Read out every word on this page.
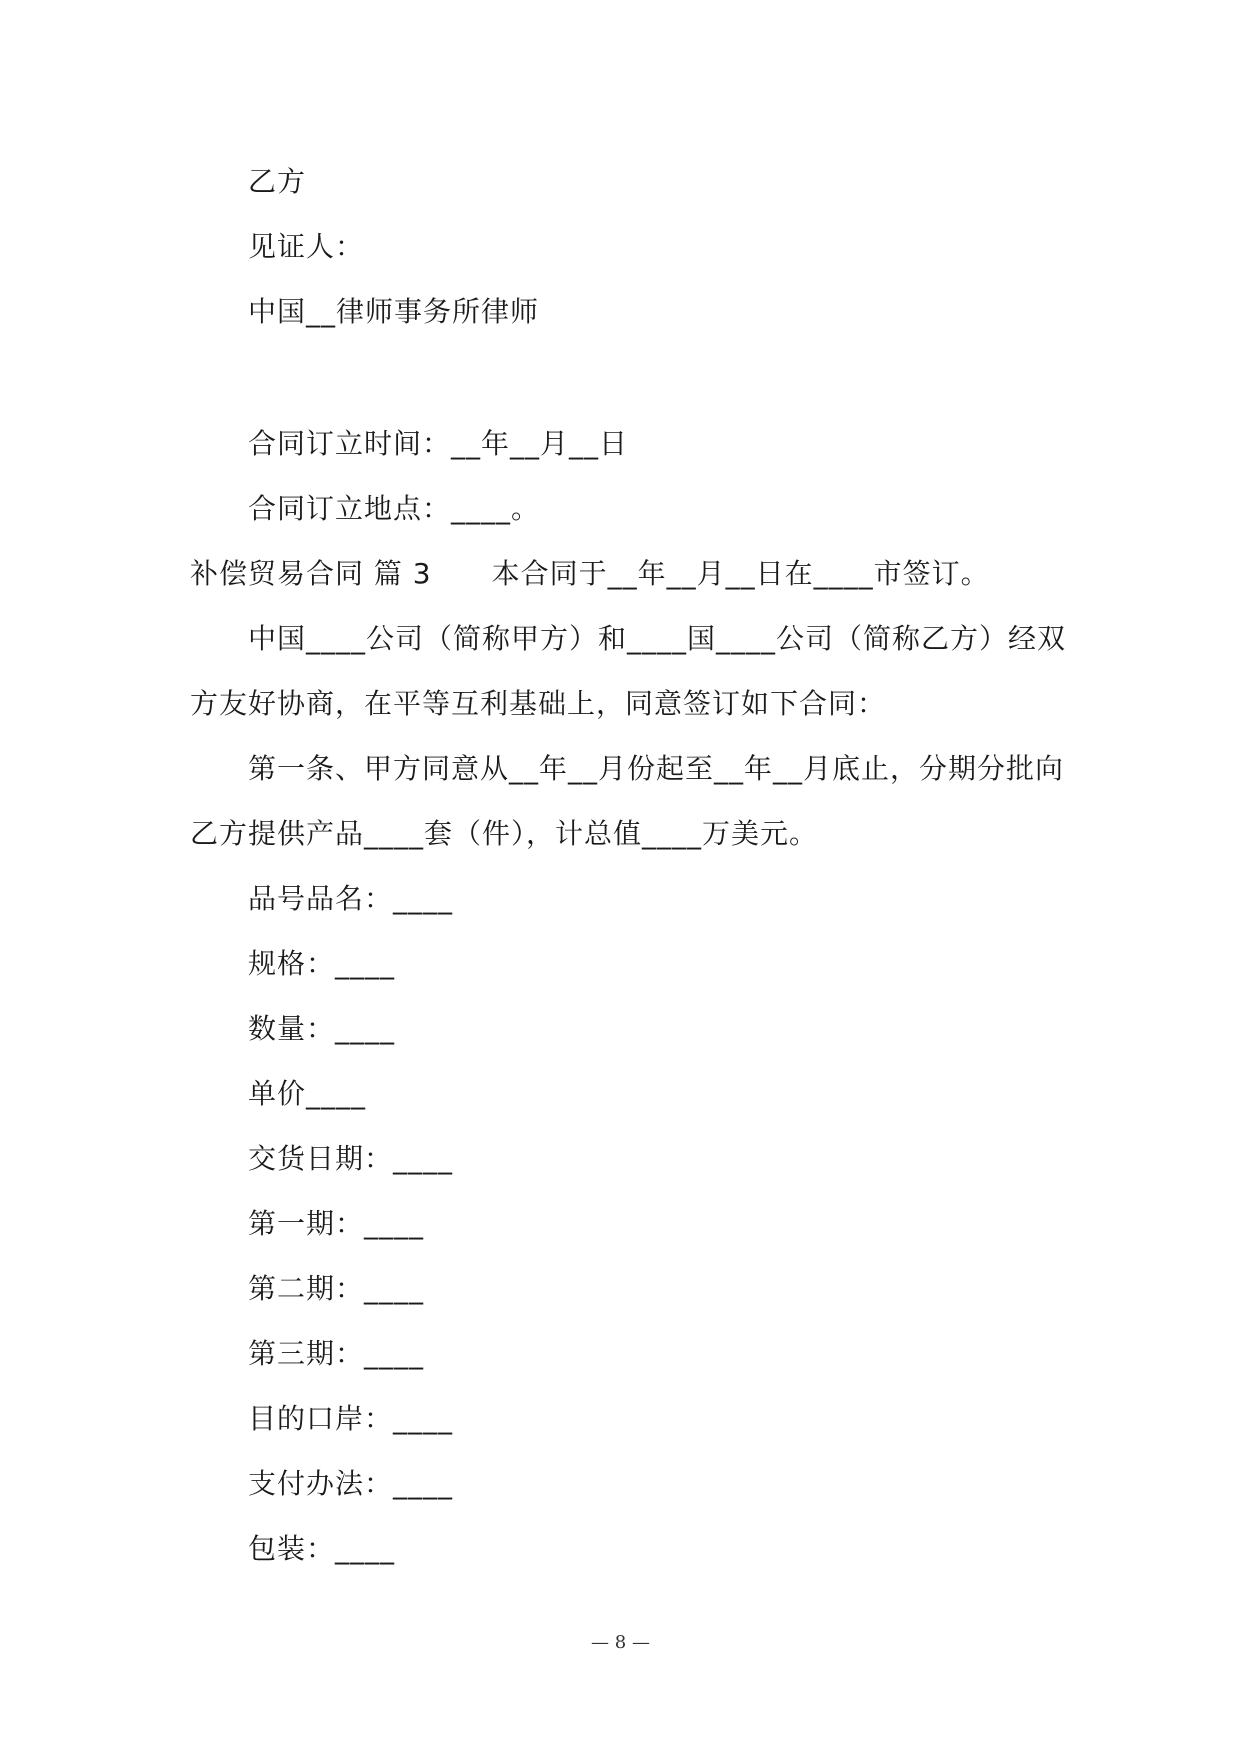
乙方
见证人：
中国__律师事务所律师
合同订立时间：__年__月__日
合同订立地点：____。
补偿贸易合同 篇 3 本合同于__年__月__日在____市签订。
中国____公司（简称甲方）和____国____公司（简称乙方）经双
方友好协商，在平等互利基础上，同意签订如下合同：
第一条、甲方同意从__年__月份起至__年__月底止，分期分批向
乙方提供产品____套（件），计总值____万美元。
品号品名：____
规格：____
数量：____
单价____
交货日期：____
第一期：____
第二期：____
第三期：____
目的口岸：____
支付办法：____
包装：____
— 8 —
